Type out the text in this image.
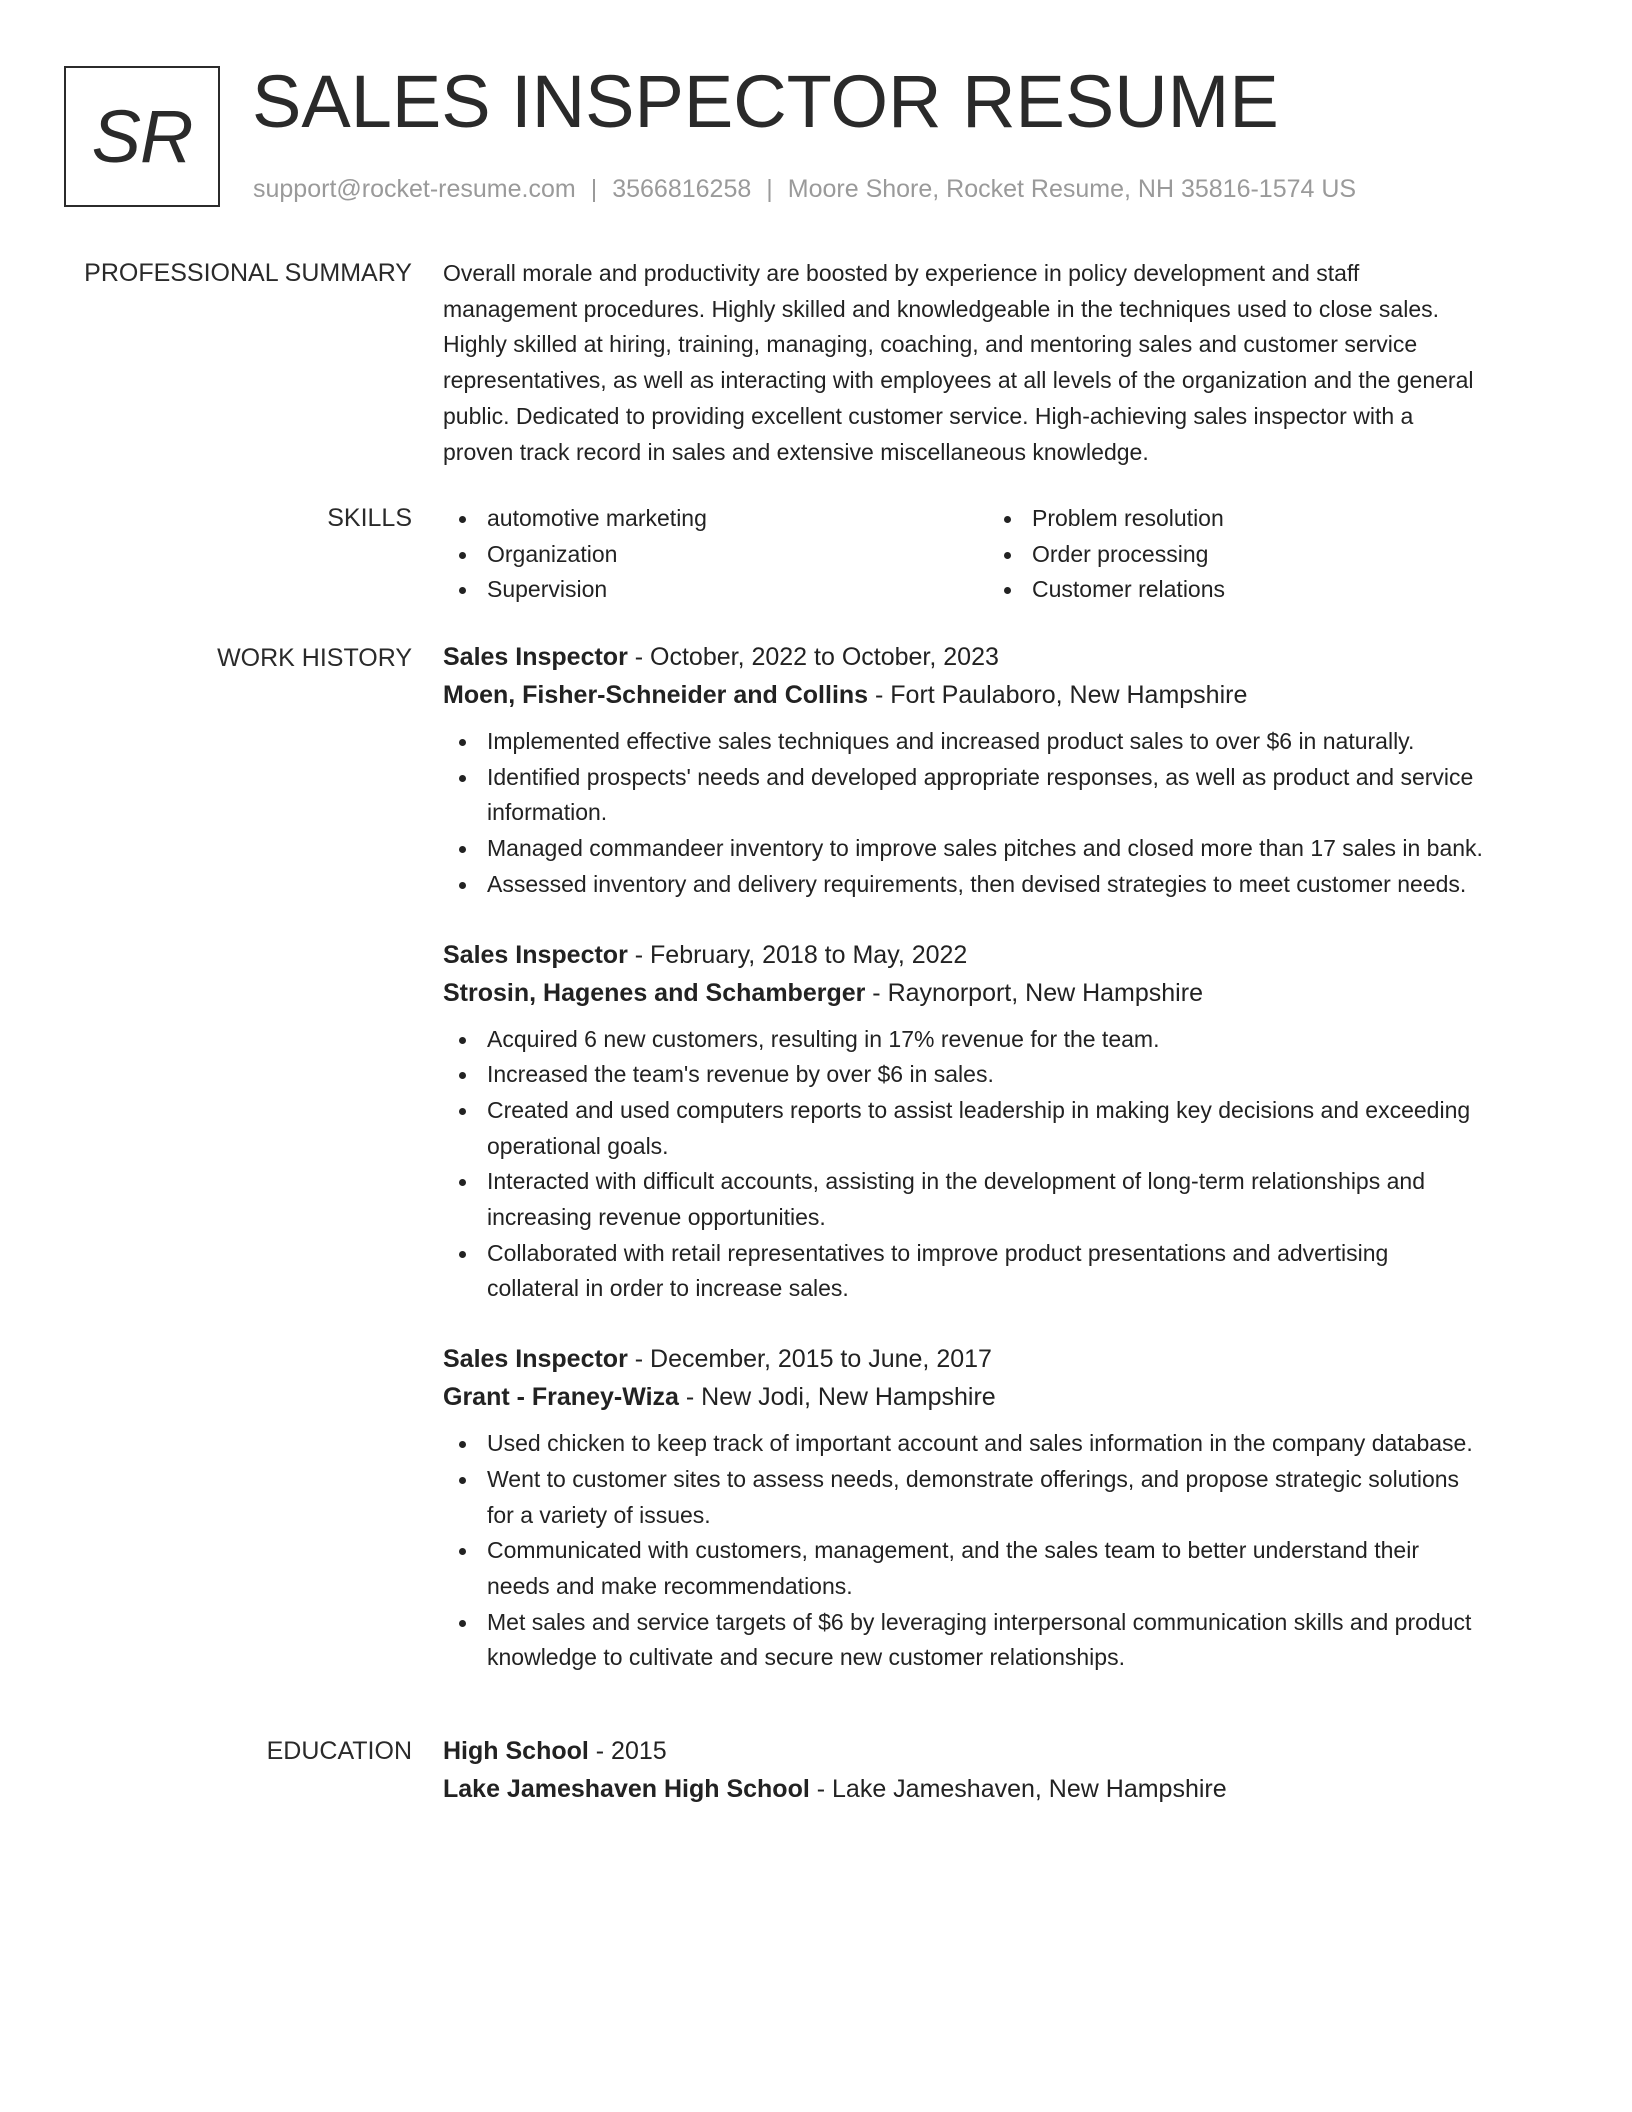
SR SALES INSPECTOR RESUME
support@rocket-resume.com | 3566816258 | Moore Shore, Rocket Resume, NH 35816-1574 US
PROFESSIONAL SUMMARY Overall morale and productivity are boosted by experience in policy development and staff
management procedures. Highly skilled and knowledgeable in the techniques used to close sales.
Highly skilled at hiring, training, managing, coaching, and mentoring sales and customer service
representatives, as well as interacting with employees at all levels of the organization and the general
public. Dedicated to providing excellent customer service. High-achieving sales inspector with a
proven track record in sales and extensive miscellaneous knowledge.
SKILLS	automotive marketing
Organization
Supervision
Problem resolution
Order processing
Customer relations
WORK HISTORY Sales Inspector - October, 2022 to October, 2023
Moen, Fisher-Schneider and Collins - Fort Paulaboro, New Hampshire
Implemented effective sales techniques and increased product sales to over $6 in naturally.
Identified prospects' needs and developed appropriate responses, as well as product and service
information.
Managed commandeer inventory to improve sales pitches and closed more than 17 sales in bank.
Assessed inventory and delivery requirements, then devised strategies to meet customer needs.
Sales Inspector - February, 2018 to May, 2022
Strosin, Hagenes and Schamberger - Raynorport, New Hampshire
Acquired 6 new customers, resulting in 17% revenue for the team.
Increased the team's revenue by over $6 in sales.
Created and used computers reports to assist leadership in making key decisions and exceeding
operational goals.
Interacted with difficult accounts, assisting in the development of long-term relationships and
increasing revenue opportunities.
Collaborated with retail representatives to improve product presentations and advertising
collateral in order to increase sales.
Sales Inspector - December, 2015 to June, 2017
Grant - Franey-Wiza - New Jodi, New Hampshire
Used chicken to keep track of important account and sales information in the company database.
Went to customer sites to assess needs, demonstrate offerings, and propose strategic solutions
for a variety of issues.
Communicated with customers, management, and the sales team to better understand their
needs and make recommendations.
Met sales and service targets of $6 by leveraging interpersonal communication skills and product
knowledge to cultivate and secure new customer relationships.
EDUCATION High School - 2015
Lake Jameshaven High School - Lake Jameshaven, New Hampshire
